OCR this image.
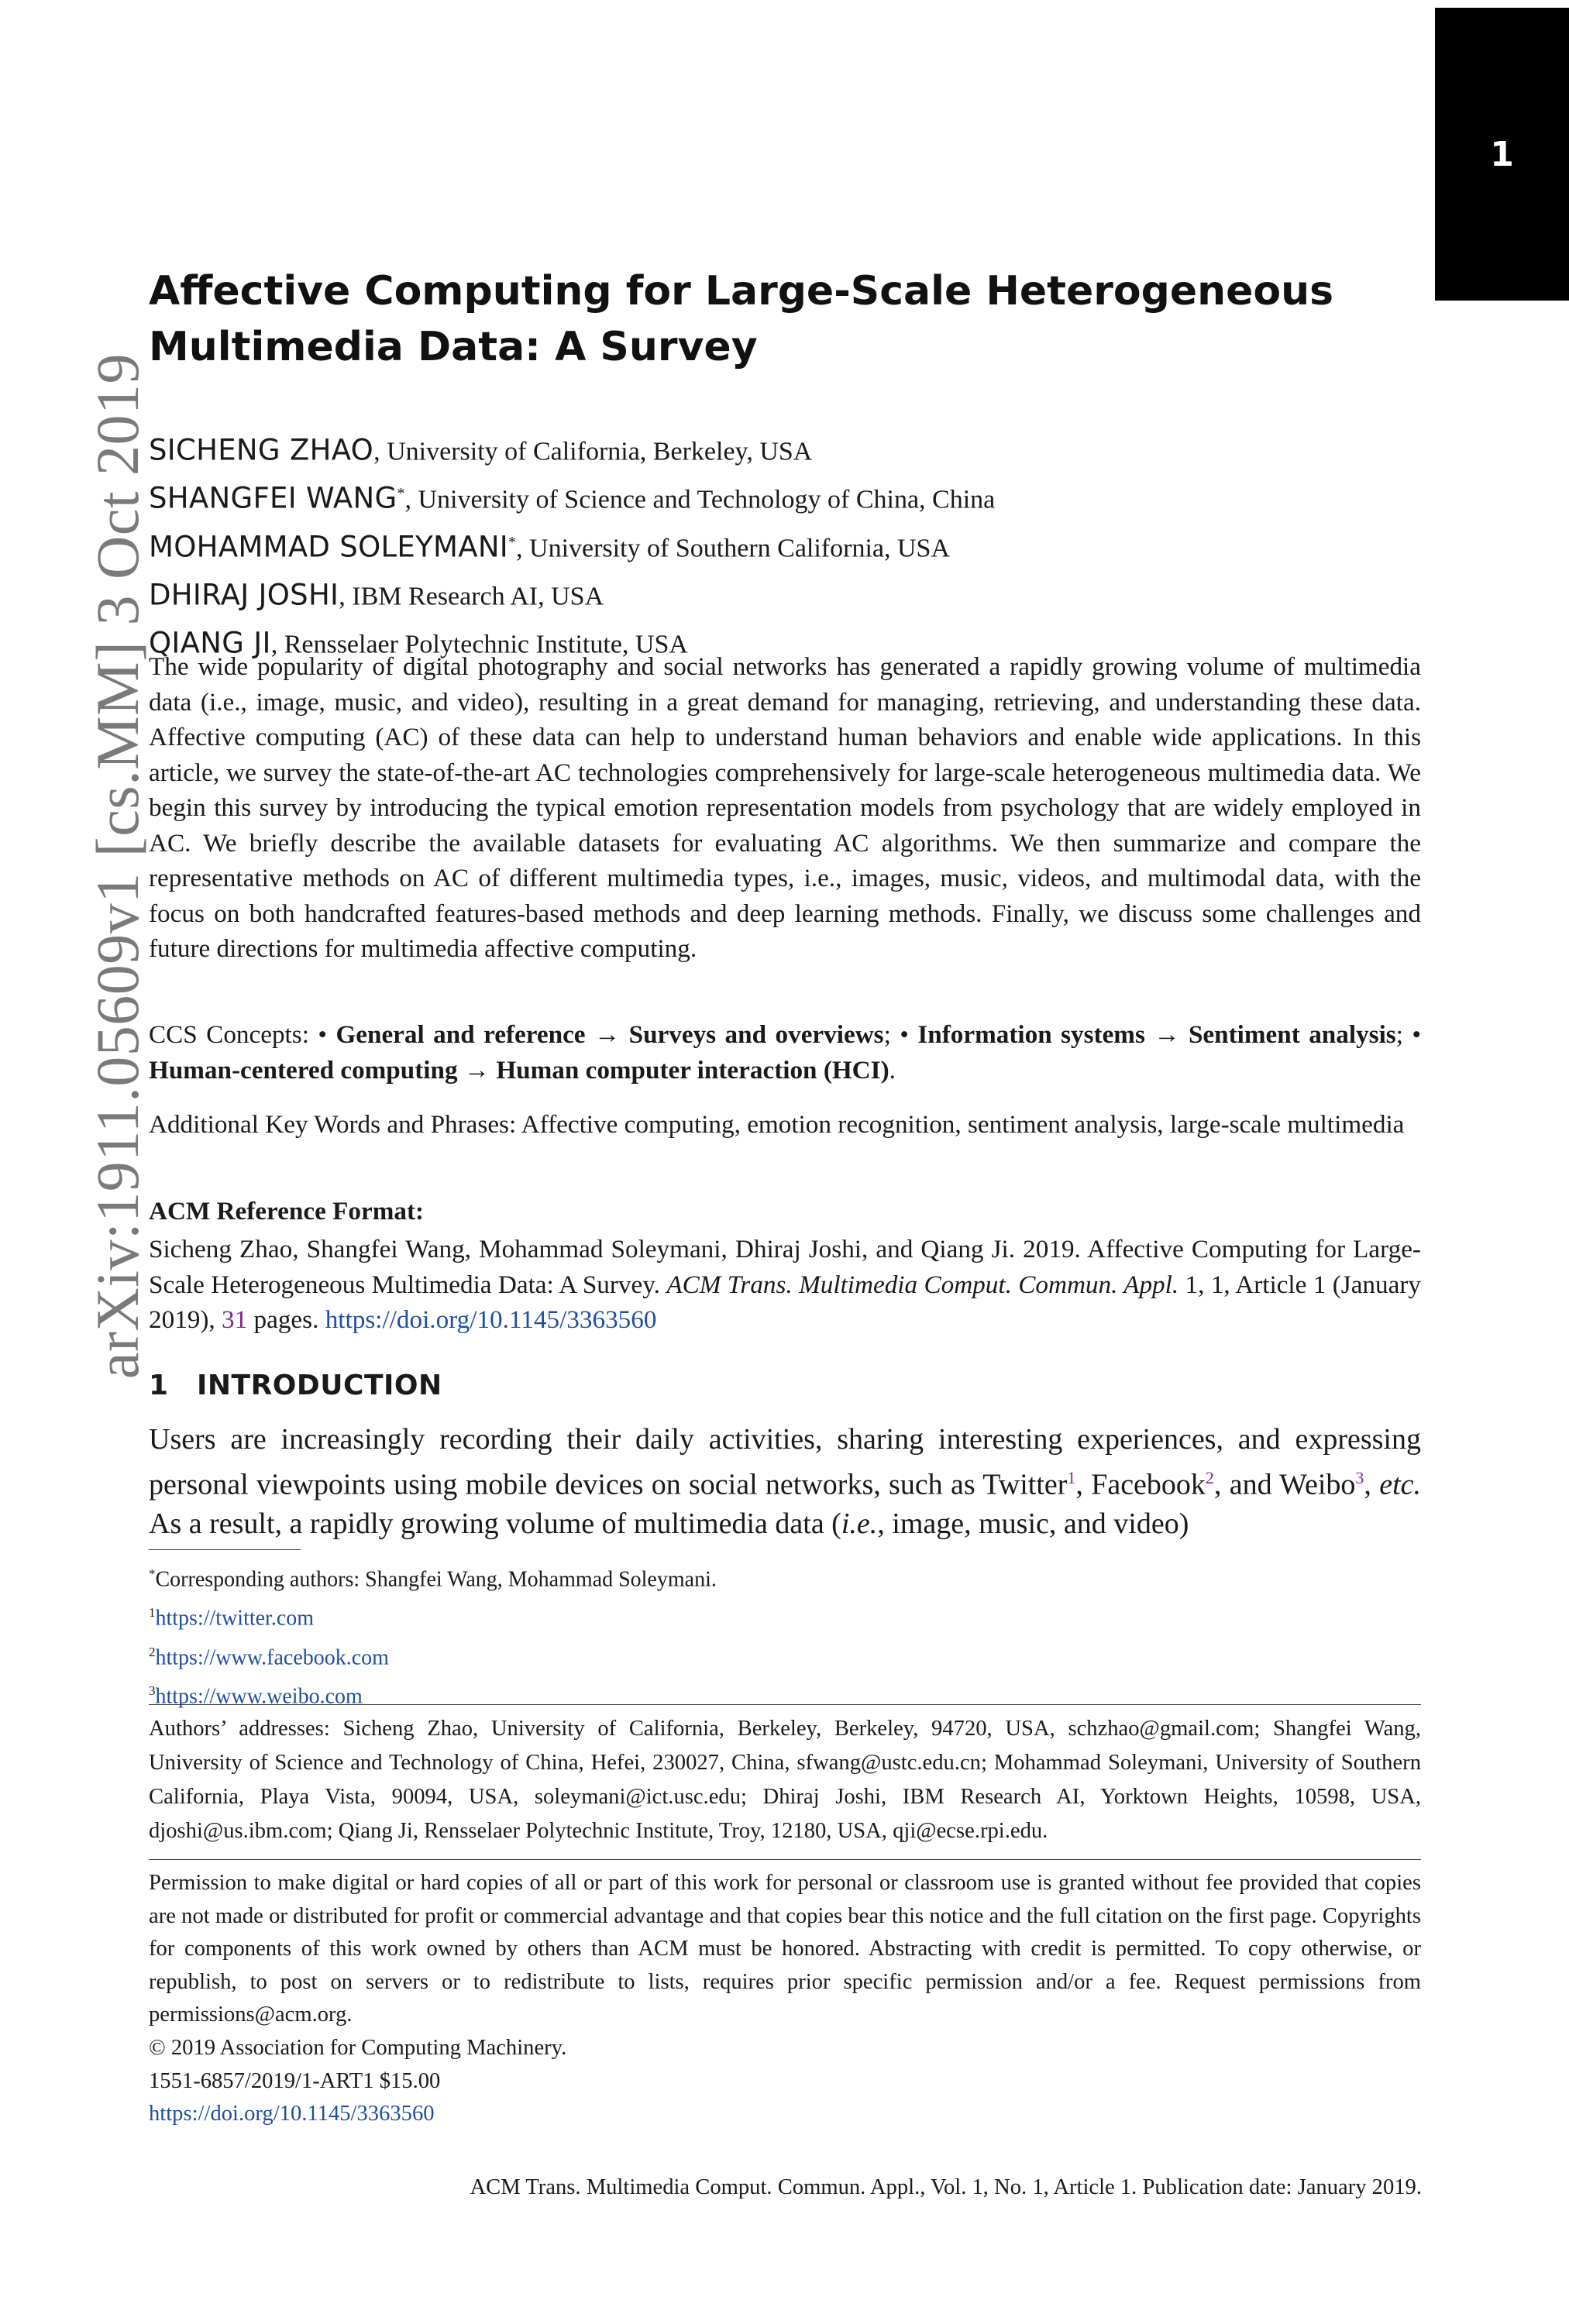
1
arXiv:1911.05609v1 [cs.MM] 3 Oct 2019
Affective Computing for Large-Scale Heterogeneous Multimedia Data: A Survey
SICHENG ZHAO, University of California, Berkeley, USA
SHANGFEI WANG*, University of Science and Technology of China, China
MOHAMMAD SOLEYMANI*, University of Southern California, USA
DHIRAJ JOSHI, IBM Research AI, USA
QIANG JI, Rensselaer Polytechnic Institute, USA

The wide popularity of digital photography and social networks has generated a rapidly growing volume of multimedia data (i.e., image, music, and video), resulting in a great demand for managing, retrieving, and understanding these data. Affective computing (AC) of these data can help to understand human behaviors and enable wide applications. In this article, we survey the state-of-the-art AC technologies comprehensively for large-scale heterogeneous multimedia data. We begin this survey by introducing the typical emotion representation models from psychology that are widely employed in AC. We briefly describe the available datasets for evaluating AC algorithms. We then summarize and compare the representative methods on AC of different multimedia types, i.e., images, music, videos, and multimodal data, with the focus on both handcrafted features-based methods and deep learning methods. Finally, we discuss some challenges and future directions for multimedia affective computing.

CCS Concepts: • General and reference → Surveys and overviews; • Information systems → Sentiment analysis; • Human-centered computing → Human computer interaction (HCI).

Additional Key Words and Phrases: Affective computing, emotion recognition, sentiment analysis, large-scale multimedia

ACM Reference Format:

Sicheng Zhao, Shangfei Wang, Mohammad Soleymani, Dhiraj Joshi, and Qiang Ji. 2019. Affective Computing for Large-Scale Heterogeneous Multimedia Data: A Survey. ACM Trans. Multimedia Comput. Commun. Appl. 1, 1, Article 1 (January 2019), 31 pages. https://doi.org/10.1145/3363560

1 INTRODUCTION

Users are increasingly recording their daily activities, sharing interesting experiences, and expressing personal viewpoints using mobile devices on social networks, such as Twitter$^1$, Facebook$^2$, and Weibo$^3$, etc. As a result, a rapidly growing volume of multimedia data (i.e., image, music, and video)

*Corresponding authors: Shangfei Wang, Mohammad Soleymani.
$^1$https://twitter.com
$^2$https://www.facebook.com
$^3$https://www.weibo.com

Authors’ addresses: Sicheng Zhao, University of California, Berkeley, Berkeley, 94720, USA, schzhao@gmail.com; Shangfei Wang, University of Science and Technology of China, Hefei, 230027, China, sfwang@ustc.edu.cn; Mohammad Soleymani, University of Southern California, Playa Vista, 90094, USA, soleymani@ict.usc.edu; Dhiraj Joshi, IBM Research AI, Yorktown Heights, 10598, USA, djoshi@us.ibm.com; Qiang Ji, Rensselaer Polytechnic Institute, Troy, 12180, USA, qji@ecse.rpi.edu.

Permission to make digital or hard copies of all or part of this work for personal or classroom use is granted without fee provided that copies are not made or distributed for profit or commercial advantage and that copies bear this notice and the full citation on the first page. Copyrights for components of this work owned by others than ACM must be honored. Abstracting with credit is permitted. To copy otherwise, or republish, to post on servers or to redistribute to lists, requires prior specific permission and/or a fee. Request permissions from permissions@acm.org.

© 2019 Association for Computing Machinery.
1551-6857/2019/1-ART1 $15.00
https://doi.org/10.1145/3363560
ACM Trans. Multimedia Comput. Commun. Appl., Vol. 1, No. 1, Article 1. Publication date: January 2019.
